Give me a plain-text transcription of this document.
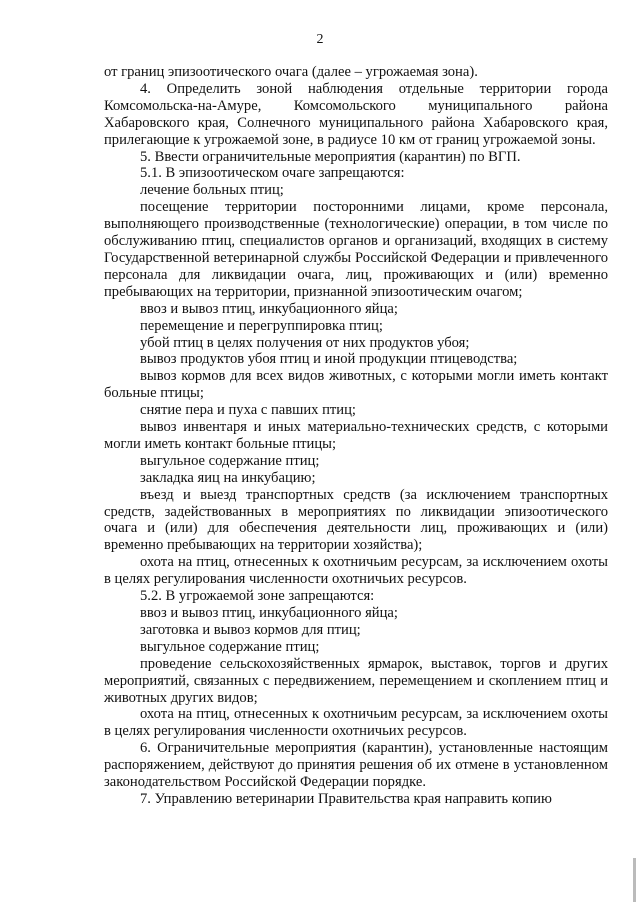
2

от границ эпизоотического очага (далее – угрожаемая зона).

4. Определить зоной наблюдения отдельные территории города Комсомольска-на-Амуре, Комсомольского муниципального района Хабаровского края, Солнечного муниципального района Хабаровского края, прилегающие к угрожаемой зоне, в радиусе 10 км от границ угрожаемой зоны.

5. Ввести ограничительные мероприятия (карантин) по ВГП.

5.1. В эпизоотическом очаге запрещаются:

лечение больных птиц;

посещение территории посторонними лицами, кроме персонала, выполняющего производственные (технологические) операции, в том числе по обслуживанию птиц, специалистов органов и организаций, входящих в систему Государственной ветеринарной службы Российской Федерации и привлеченного персонала для ликвидации очага, лиц, проживающих и (или) временно пребывающих на территории, признанной эпизоотическим очагом;

ввоз и вывоз птиц, инкубационного яйца;

перемещение и перегруппировка птиц;

убой птиц в целях получения от них продуктов убоя;

вывоз продуктов убоя птиц и иной продукции птицеводства;

вывоз кормов для всех видов животных, с которыми могли иметь контакт больные птицы;

снятие пера и пуха с павших птиц;

вывоз инвентаря и иных материально-технических средств, с которыми могли иметь контакт больные птицы;

выгульное содержание птиц;

закладка яиц на инкубацию;

въезд и выезд транспортных средств (за исключением транспортных средств, задействованных в мероприятиях по ликвидации эпизоотического очага и (или) для обеспечения деятельности лиц, проживающих и (или) временно пребывающих на территории хозяйства);

охота на птиц, отнесенных к охотничьим ресурсам, за исключением охоты в целях регулирования численности охотничьих ресурсов.

5.2. В угрожаемой зоне запрещаются:

ввоз и вывоз птиц, инкубационного яйца;

заготовка и вывоз кормов для птиц;

выгульное содержание птиц;

проведение сельскохозяйственных ярмарок, выставок, торгов и других мероприятий, связанных с передвижением, перемещением и скоплением птиц и животных других видов;

охота на птиц, отнесенных к охотничьим ресурсам, за исключением охоты в целях регулирования численности охотничьих ресурсов.

6. Ограничительные мероприятия (карантин), установленные настоящим распоряжением, действуют до принятия решения об их отмене в установленном законодательством Российской Федерации порядке.

7. Управлению ветеринарии Правительства края направить копию
